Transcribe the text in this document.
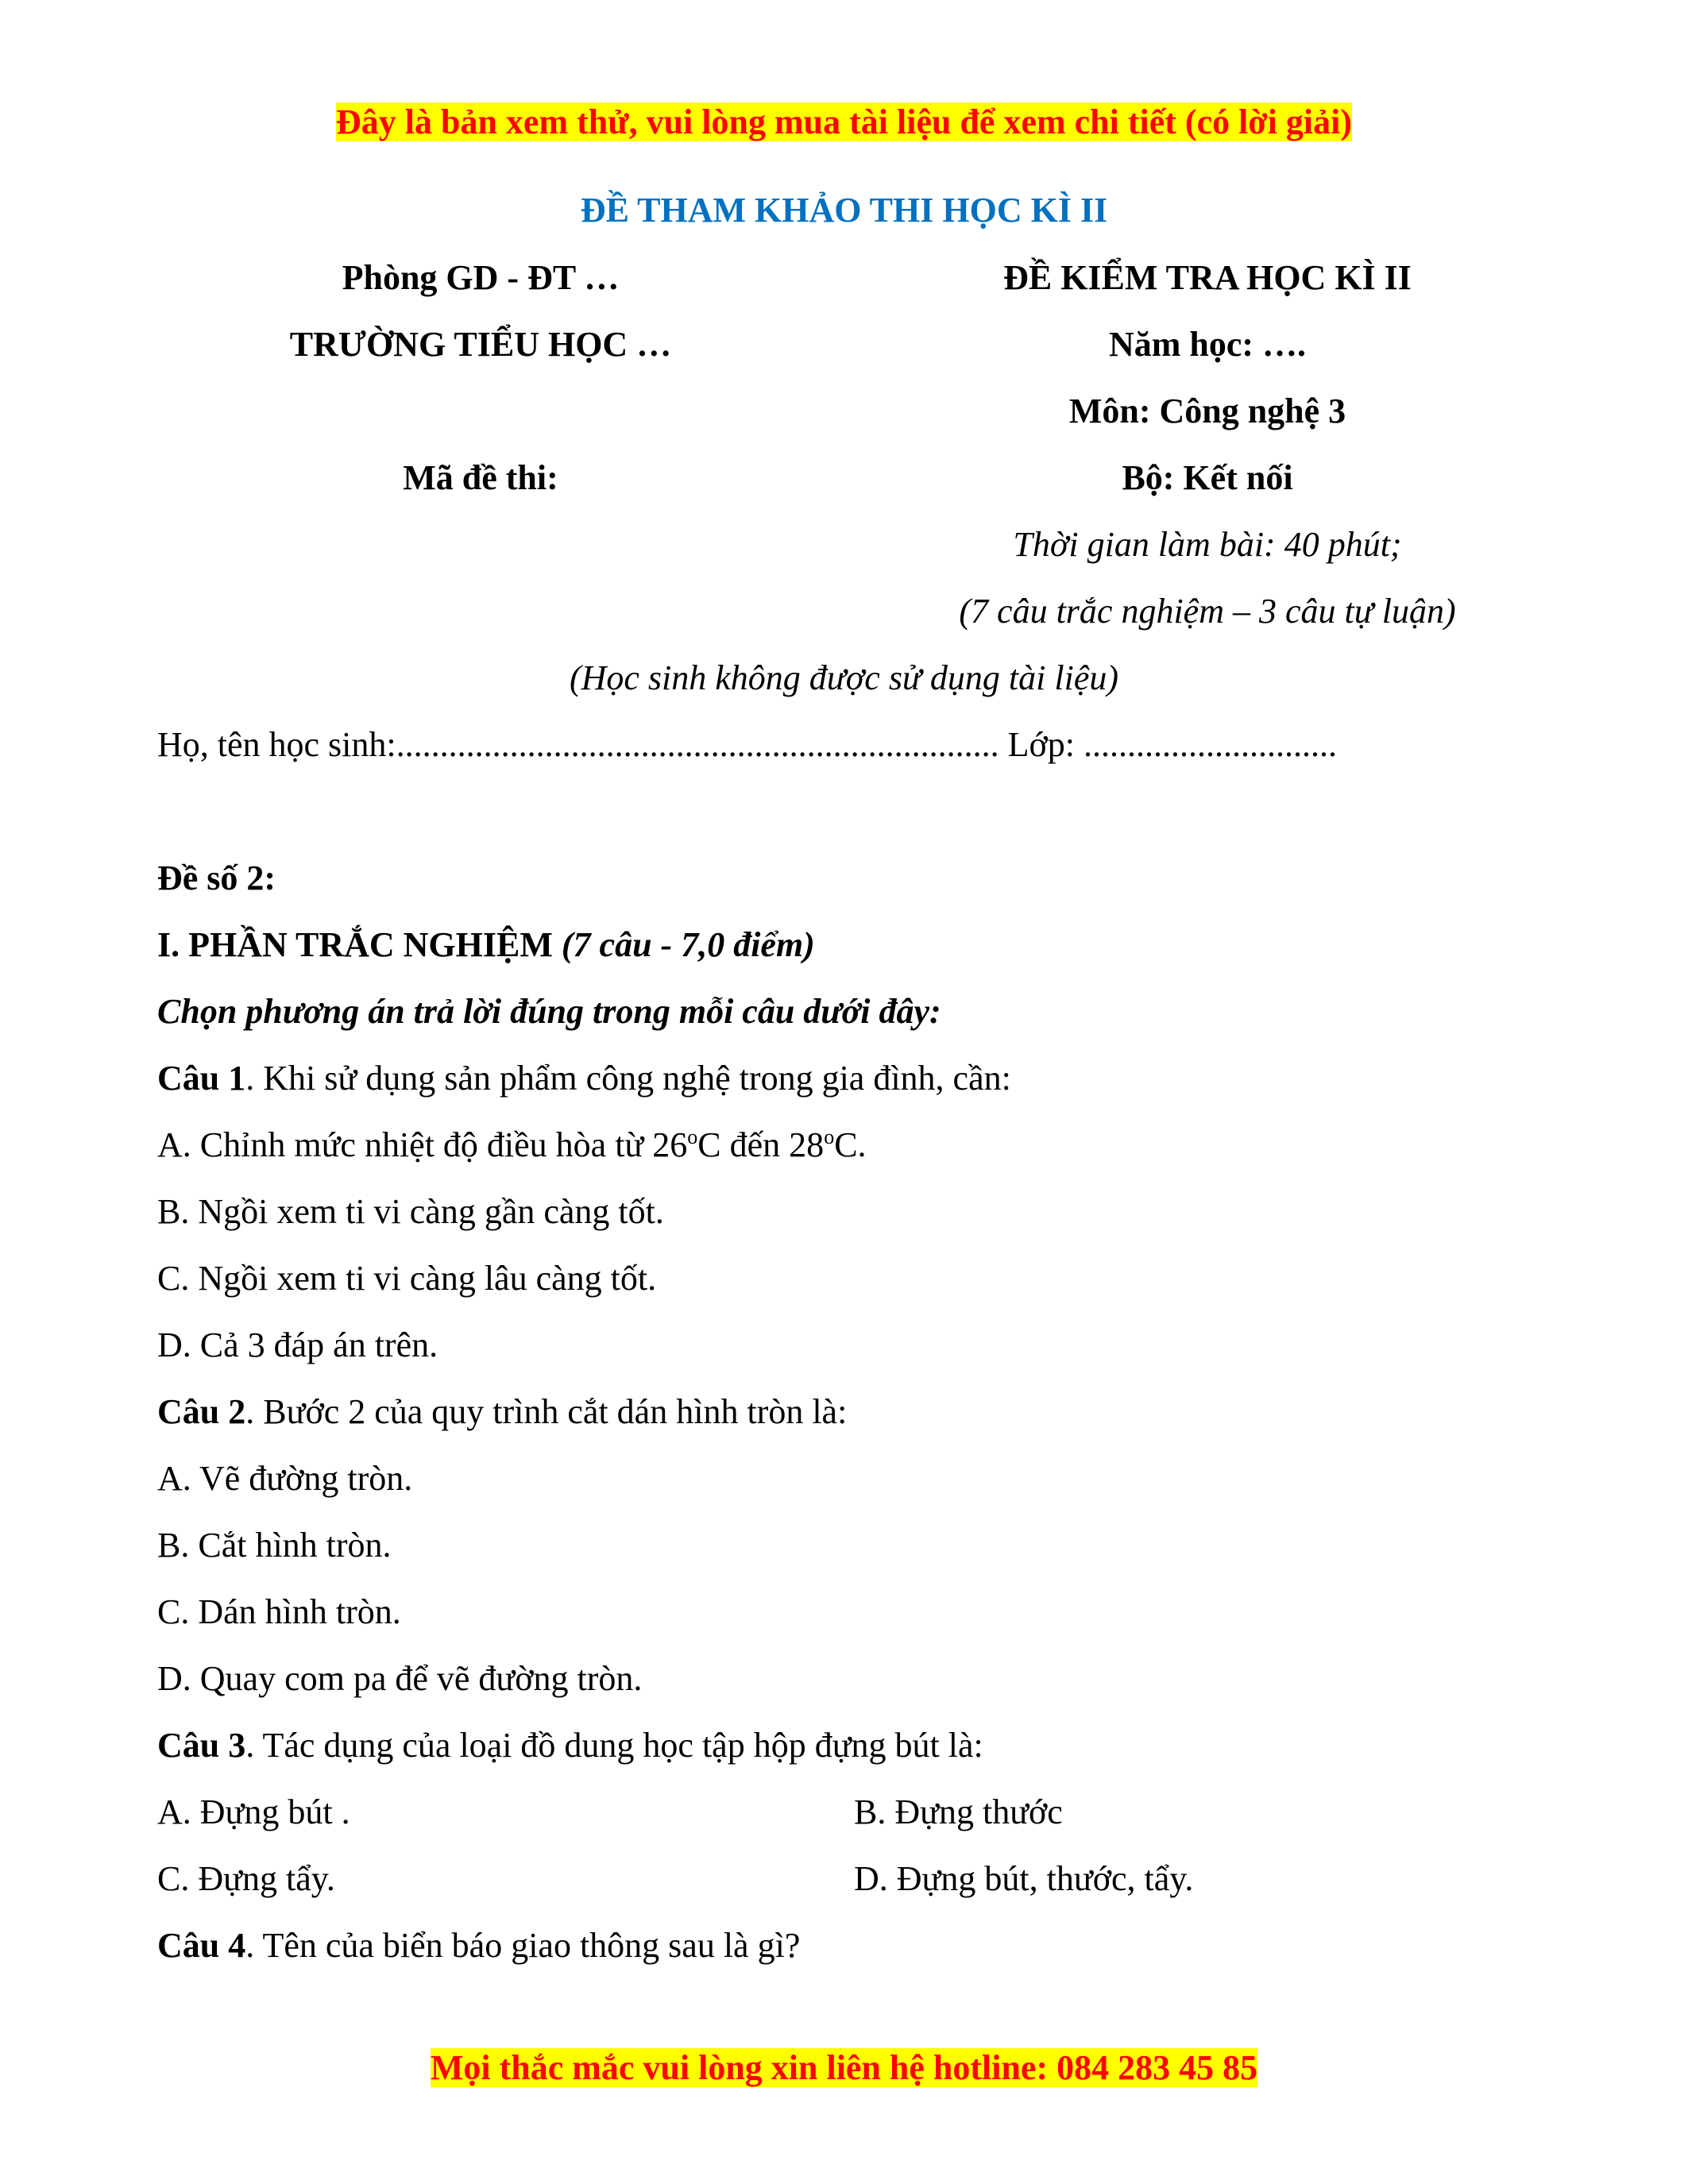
Đây là bản xem thử, vui lòng mua tài liệu để xem chi tiết (có lời giải)
ĐỀ THAM KHẢO THI HỌC KÌ II
Phòng GD - ĐT …
TRƯỜNG TIỂU HỌC …
Mã đề thi:
ĐỀ KIỂM TRA HỌC KÌ II
Năm học: ….
Môn: Công nghệ 3
Bộ: Kết nối
Thời gian làm bài: 40 phút;
(7 câu trắc nghiệm – 3 câu tự luận)
(Học sinh không được sử dụng tài liệu)
Họ, tên học sinh:..................................................................... Lớp: .............................
Đề số 2:
I. PHẦN TRẮC NGHIỆM (7 câu - 7,0 điểm)
Chọn phương án trả lời đúng trong mỗi câu dưới đây:
Câu 1. Khi sử dụng sản phẩm công nghệ trong gia đình, cần:
A. Chỉnh mức nhiệt độ điều hòa từ 26$^o$C đến 28$^o$C.
B. Ngồi xem ti vi càng gần càng tốt.
C. Ngồi xem ti vi càng lâu càng tốt.
D. Cả 3 đáp án trên.
Câu 2. Bước 2 của quy trình cắt dán hình tròn là:
A. Vẽ đường tròn.
B. Cắt hình tròn.
C. Dán hình tròn.
D. Quay com pa để vẽ đường tròn.
Câu 3. Tác dụng của loại đồ dung học tập hộp đựng bút là:
A. Đựng bút .	B. Đựng thước
C. Đựng tẩy.	D. Đựng bút, thước, tẩy.
Câu 4. Tên của biển báo giao thông sau là gì?
Mọi thắc mắc vui lòng xin liên hệ hotline: 084 283 45 85
